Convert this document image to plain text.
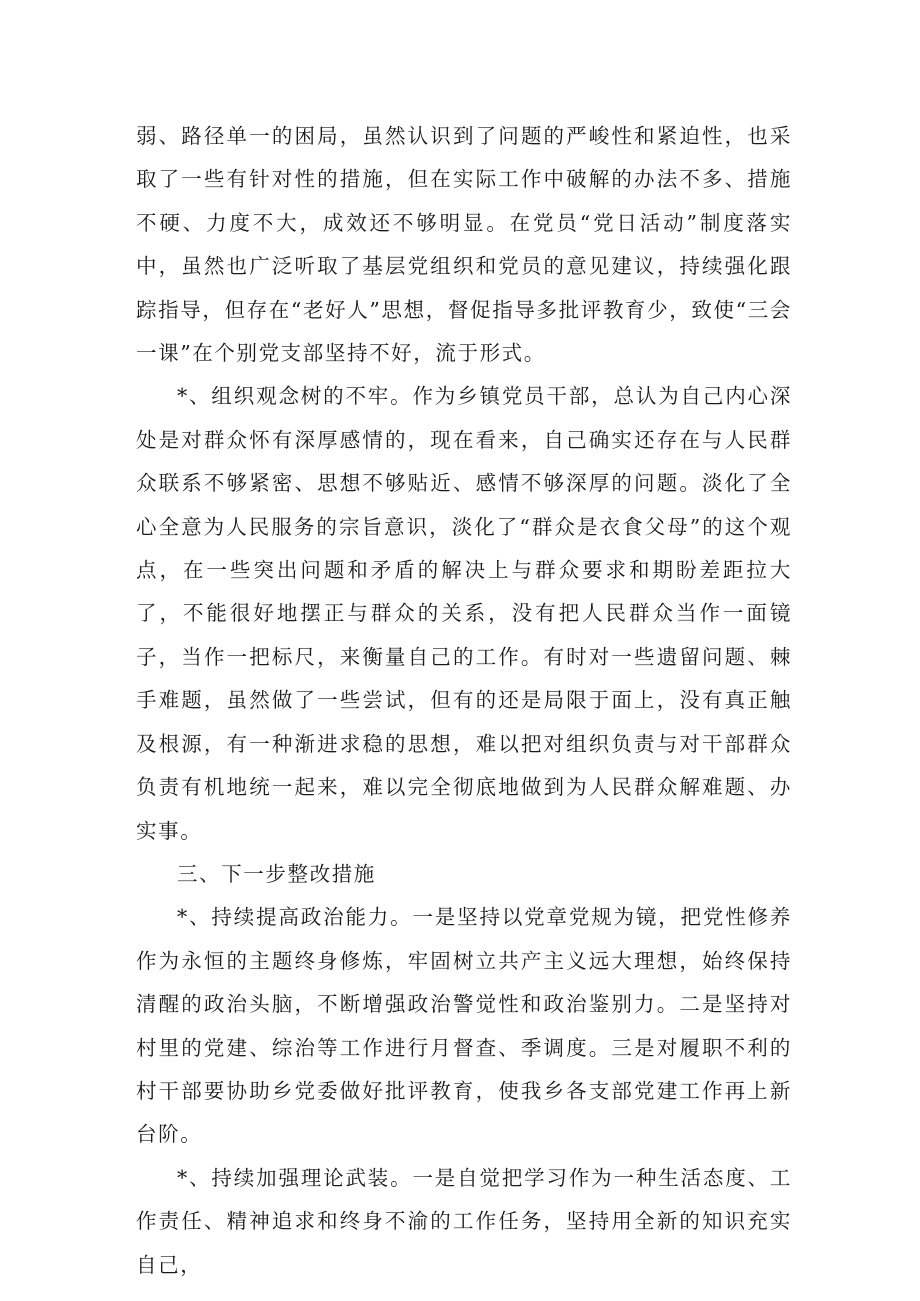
弱、路径单一的困局，虽然认识到了问题的严峻性和紧迫性，也采取了一些有针对性的措施，但在实际工作中破解的办法不多、措施不硬、力度不大，成效还不够明显。在党员“党日活动”制度落实中，虽然也广泛听取了基层党组织和党员的意见建议，持续强化跟踪指导，但存在“老好人”思想，督促指导多批评教育少，致使“三会一课”在个别党支部坚持不好，流于形式。

*、组织观念树的不牢。作为乡镇党员干部，总认为自己内心深处是对群众怀有深厚感情的，现在看来，自己确实还存在与人民群众联系不够紧密、思想不够贴近、感情不够深厚的问题。淡化了全心全意为人民服务的宗旨意识，淡化了“群众是衣食父母”的这个观点，在一些突出问题和矛盾的解决上与群众要求和期盼差距拉大了，不能很好地摆正与群众的关系，没有把人民群众当作一面镜子，当作一把标尺，来衡量自己的工作。有时对一些遗留问题、棘手难题，虽然做了一些尝试，但有的还是局限于面上，没有真正触及根源，有一种渐进求稳的思想，难以把对组织负责与对干部群众负责有机地统一起来，难以完全彻底地做到为人民群众解难题、办实事。

三、下一步整改措施

*、持续提高政治能力。一是坚持以党章党规为镜，把党性修养作为永恒的主题终身修炼，牢固树立共产主义远大理想，始终保持清醒的政治头脑，不断增强政治警觉性和政治鉴别力。二是坚持对村里的党建、综治等工作进行月督查、季调度。三是对履职不利的村干部要协助乡党委做好批评教育，使我乡各支部党建工作再上新台阶。

*、持续加强理论武装。一是自觉把学习作为一种生活态度、工作责任、精神追求和终身不渝的工作任务，坚持用全新的知识充实自己，
